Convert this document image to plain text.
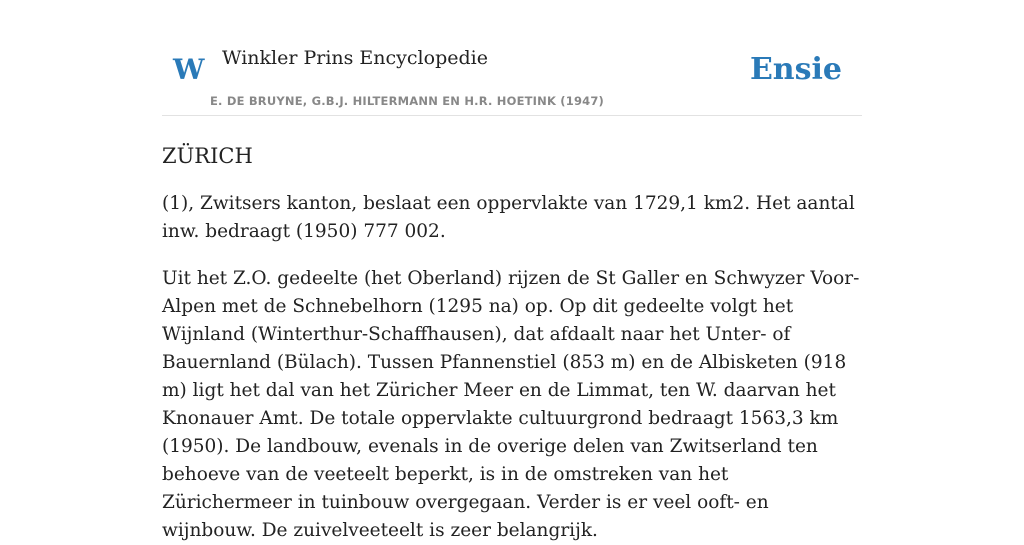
W Winkler Prins Encyclopedie
E. DE BRUYNE, G.B.J. HILTERMANN EN H.R. HOETINK (1947)
Ensie
ZÜRICH

(1), Zwitsers kanton, beslaat een oppervlakte van 1729,1 km2. Het aantal inw. bedraagt (1950) 777 002.

Uit het Z.O. gedeelte (het Oberland) rijzen de St Galler en Schwyzer Voor-Alpen met de Schnebelhorn (1295 na) op. Op dit gedeelte volgt het Wijnland (Winterthur-Schaffhausen), dat afdaalt naar het Unter- of Bauernland (Bülach). Tussen Pfannenstiel (853 m) en de Albisketen (918 m) ligt het dal van het Züricher Meer en de Limmat, ten W. daarvan het Knonauer Amt. De totale oppervlakte cultuurgrond bedraagt 1563,3 km (1950). De landbouw, evenals in de overige delen van Zwitserland ten behoeve van de veeteelt beperkt, is in de omstreken van het Zürichermeer in tuinbouw overgegaan. Verder is er veel ooft- en wijnbouw. De zuivelveeteelt is zeer belangrijk.
